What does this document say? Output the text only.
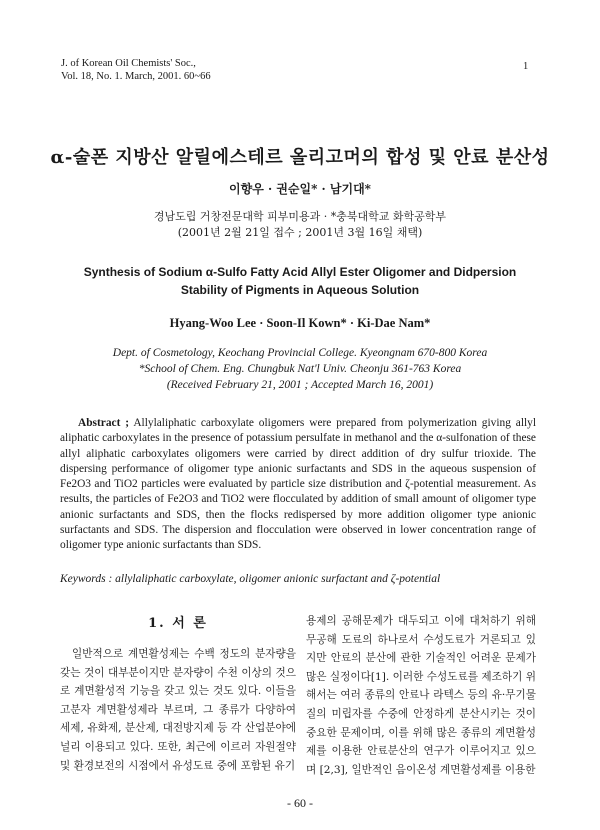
J. of Korean Oil Chemists' Soc.,
Vol. 18, No. 1. March, 2001. 60~66
1
α-술폰 지방산 알릴에스테르 올리고머의 합성 및 안료 분산성
이향우 · 권순일* · 남기대*
경남도립 거창전문대학 피부미용과 · *충북대학교 화학공학부
(2001년 2월 21일 접수 ; 2001년 3월 16일 채택)
Synthesis of Sodium α-Sulfo Fatty Acid Allyl Ester Oligomer and Didpersion
Stability of Pigments in Aqueous Solution
Hyang-Woo Lee · Soon-Il Kown* · Ki-Dae Nam*
Dept. of Cosmetology, Keochang Provincial College. Kyeongnam 670-800 Korea
*School of Chem. Eng. Chungbuk Nat'l Univ. Cheonju 361-763 Korea
(Received February 21, 2001 ; Accepted March 16, 2001)
Abstract ; Allylaliphatic carboxylate oligomers were prepared from polymerization giving allyl aliphatic carboxylates in the presence of potassium persulfate in methanol and the α-sulfonation of these allyl aliphatic carboxylates oligomers were carried by direct addition of dry sulfur trioxide. The dispersing performance of oligomer type anionic surfactants and SDS in the aqueous suspension of Fe2O3 and TiO2 particles were evaluated by particle size distribution and ζ-potential measurement. As results, the particles of Fe2O3 and TiO2 were flocculated by addition of small amount of oligomer type anionic surfactants and SDS, then the flocks redispersed by more addition oligomer type anionic surfactants and SDS. The dispersion and flocculation were observed in lower concentration range of oligomer type anionic surfactants than SDS.
Keywords : allylaliphatic carboxylate, oligomer anionic surfactant and ζ-potential
1. 서 론
일반적으로 계면활성제는 수백 정도의 분자량을 갖는 것이 대부분이지만 분자량이 수천 이상의 것으로 계면활성적 기능을 갖고 있는 것도 있다. 이들을 고분자 계면활성제라 부르며, 그 종류가 다양하여 세제, 유화제, 분산제, 대전방지제 등 각 산업분야에 널리 이용되고 있다. 또한, 최근에 이르러 자원절약 및 환경보전의 시점에서 유성도료 중에 포함된 유기
용제의 공해문제가 대두되고 이에 대처하기 위해 무공해 도료의 하나로서 수성도료가 거론되고 있지만 안료의 분산에 관한 기술적인 어려운 문제가 많은 실정이다[1]. 이러한 수성도료를 제조하기 위해서는 여러 종류의 안료나 라텍스 등의 유·무기물질의 미립자를 수중에 안정하게 분산시키는 것이 중요한 문제이며, 이를 위해 많은 종류의 계면활성제를 이용한 안료분산의 연구가 이루어지고 있으며 [2,3], 일반적인 음이온성 계면활성제를 이용한
- 60 -
